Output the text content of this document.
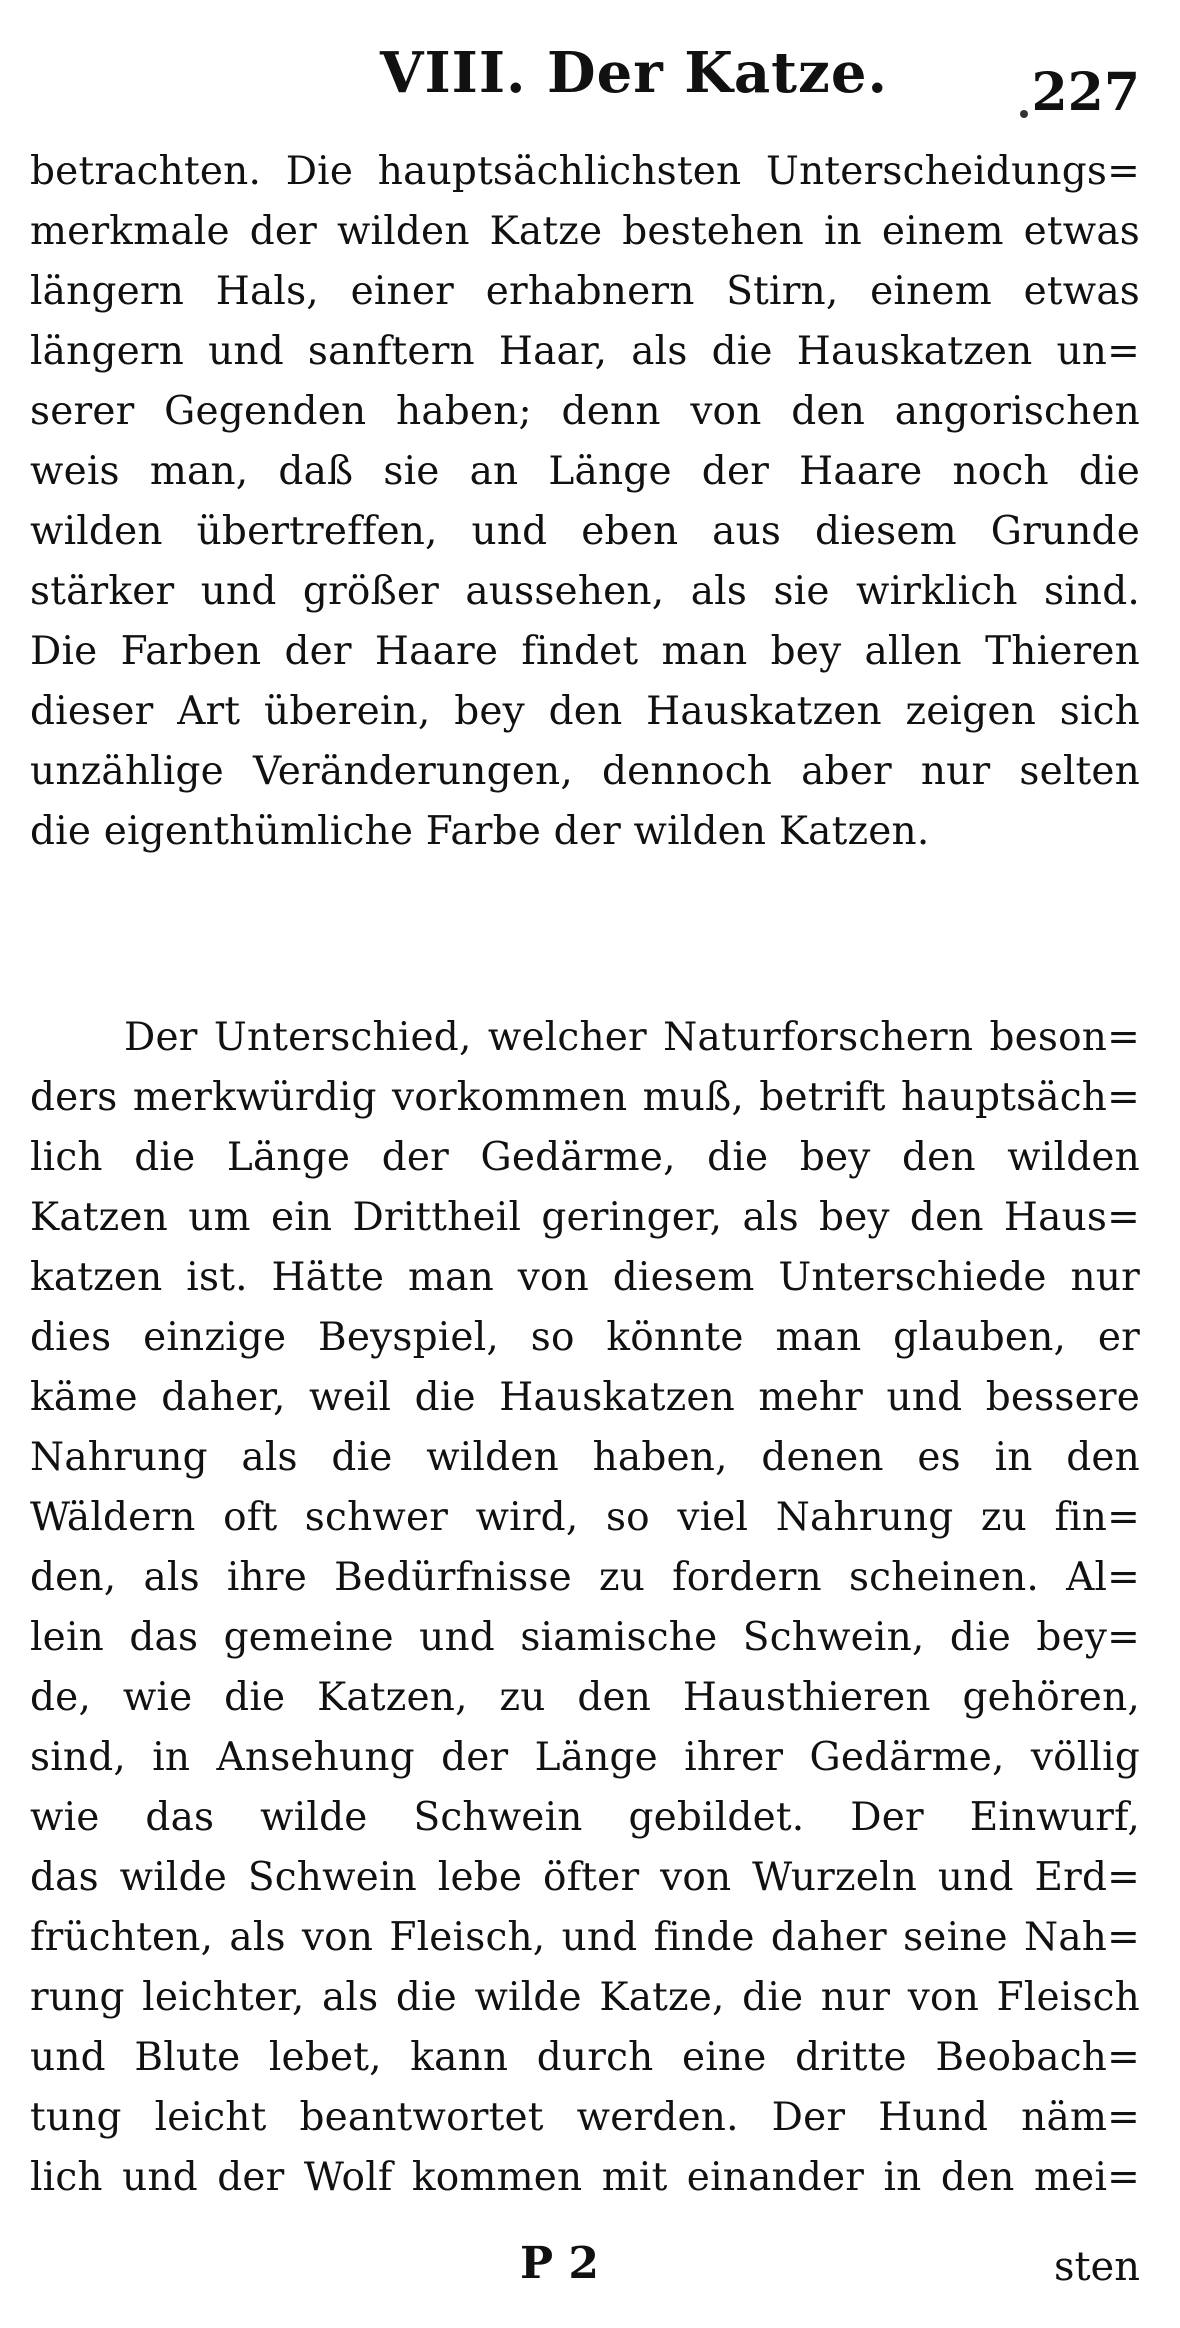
VIII. Der Katze.	227
betrachten. Die hauptsächlichsten Unterscheidungs=
merkmale der wilden Katze bestehen in einem etwas
längern Hals, einer erhabnern Stirn, einem etwas
längern und sanftern Haar, als die Hauskatzen un=
serer Gegenden haben; denn von den angorischen
weis man, daß sie an Länge der Haare noch die
wilden übertreffen, und eben aus diesem Grunde
stärker und größer aussehen, als sie wirklich sind.
Die Farben der Haare findet man bey allen Thieren
dieser Art überein, bey den Hauskatzen zeigen sich
unzählige Veränderungen, dennoch aber nur selten
die eigenthümliche Farbe der wilden Katzen.
Der Unterschied, welcher Naturforschern beson=
ders merkwürdig vorkommen muß, betrift hauptsäch=
lich die Länge der Gedärme, die bey den wilden
Katzen um ein Drittheil geringer, als bey den Haus=
katzen ist. Hätte man von diesem Unterschiede nur
dies einzige Beyspiel, so könnte man glauben, er
käme daher, weil die Hauskatzen mehr und bessere
Nahrung als die wilden haben, denen es in den
Wäldern oft schwer wird, so viel Nahrung zu fin=
den, als ihre Bedürfnisse zu fordern scheinen. Al=
lein das gemeine und siamische Schwein, die bey=
de, wie die Katzen, zu den Hausthieren gehören,
sind, in Ansehung der Länge ihrer Gedärme, völlig
wie das wilde Schwein gebildet. Der Einwurf,
das wilde Schwein lebe öfter von Wurzeln und Erd=
früchten, als von Fleisch, und finde daher seine Nah=
rung leichter, als die wilde Katze, die nur von Fleisch
und Blute lebet, kann durch eine dritte Beobach=
tung leicht beantwortet werden. Der Hund näm=
lich und der Wolf kommen mit einander in den mei=
P 2	sten
